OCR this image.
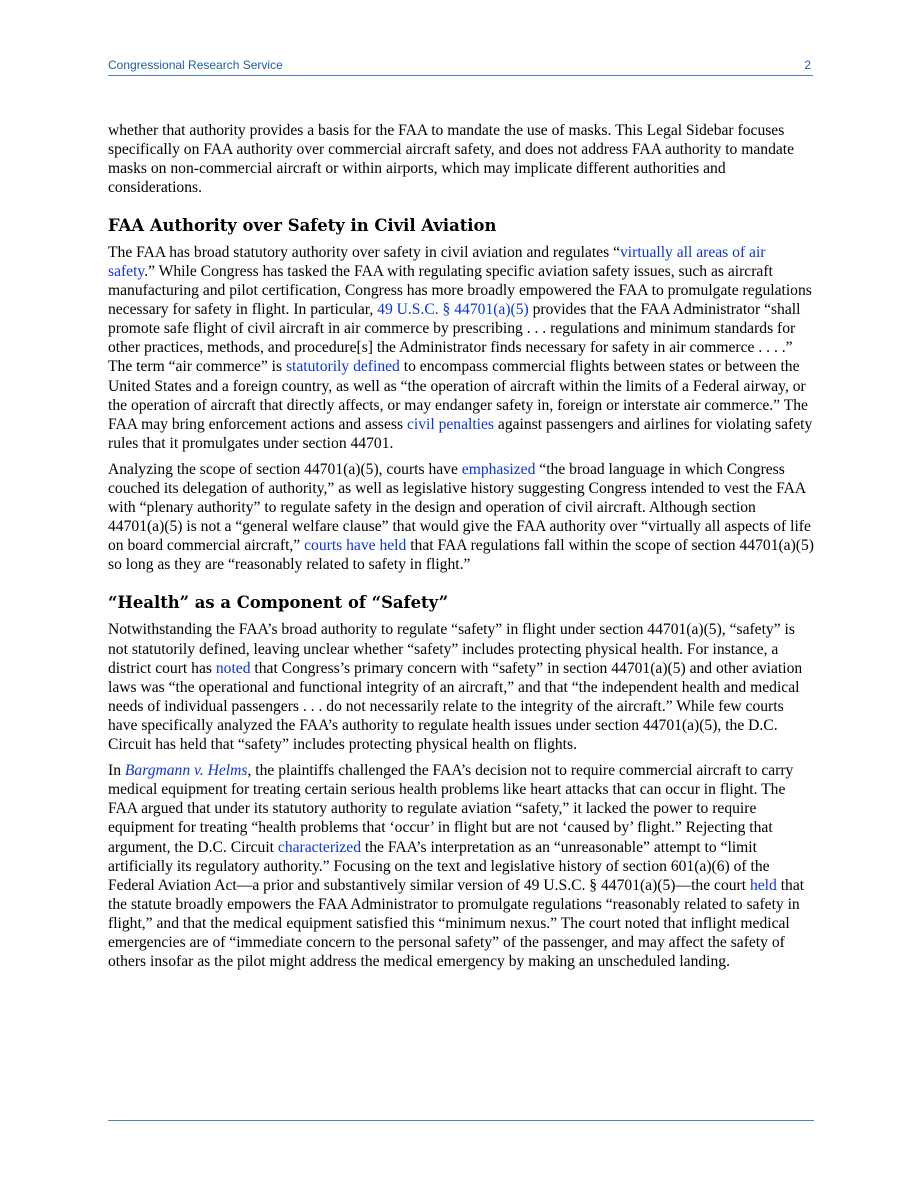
Congressional Research Service	2

whether that authority provides a basis for the FAA to mandate the use of masks. This Legal Sidebar focuses specifically on FAA authority over commercial aircraft safety, and does not address FAA authority to mandate masks on non-commercial aircraft or within airports, which may implicate different authorities and considerations.

FAA Authority over Safety in Civil Aviation

The FAA has broad statutory authority over safety in civil aviation and regulates “virtually all areas of air safety.” While Congress has tasked the FAA with regulating specific aviation safety issues, such as aircraft manufacturing and pilot certification, Congress has more broadly empowered the FAA to promulgate regulations necessary for safety in flight. In particular, 49 U.S.C. § 44701(a)(5) provides that the FAA Administrator “shall promote safe flight of civil aircraft in air commerce by prescribing . . . regulations and minimum standards for other practices, methods, and procedure[s] the Administrator finds necessary for safety in air commerce . . . .” The term “air commerce” is statutorily defined to encompass commercial flights between states or between the United States and a foreign country, as well as “the operation of aircraft within the limits of a Federal airway, or the operation of aircraft that directly affects, or may endanger safety in, foreign or interstate air commerce.” The FAA may bring enforcement actions and assess civil penalties against passengers and airlines for violating safety rules that it promulgates under section 44701.

Analyzing the scope of section 44701(a)(5), courts have emphasized “the broad language in which Congress couched its delegation of authority,” as well as legislative history suggesting Congress intended to vest the FAA with “plenary authority” to regulate safety in the design and operation of civil aircraft. Although section 44701(a)(5) is not a “general welfare clause” that would give the FAA authority over “virtually all aspects of life on board commercial aircraft,” courts have held that FAA regulations fall within the scope of section 44701(a)(5) so long as they are “reasonably related to safety in flight.”

“Health” as a Component of “Safety”

Notwithstanding the FAA’s broad authority to regulate “safety” in flight under section 44701(a)(5), “safety” is not statutorily defined, leaving unclear whether “safety” includes protecting physical health. For instance, a district court has noted that Congress’s primary concern with “safety” in section 44701(a)(5) and other aviation laws was “the operational and functional integrity of an aircraft,” and that “the independent health and medical needs of individual passengers . . . do not necessarily relate to the integrity of the aircraft.” While few courts have specifically analyzed the FAA’s authority to regulate health issues under section 44701(a)(5), the D.C. Circuit has held that “safety” includes protecting physical health on flights.

In Bargmann v. Helms, the plaintiffs challenged the FAA’s decision not to require commercial aircraft to carry medical equipment for treating certain serious health problems like heart attacks that can occur in flight. The FAA argued that under its statutory authority to regulate aviation “safety,” it lacked the power to require equipment for treating “health problems that ‘occur’ in flight but are not ‘caused by’ flight.” Rejecting that argument, the D.C. Circuit characterized the FAA’s interpretation as an “unreasonable” attempt to “limit artificially its regulatory authority.” Focusing on the text and legislative history of section 601(a)(6) of the Federal Aviation Act—a prior and substantively similar version of 49 U.S.C. § 44701(a)(5)—the court held that the statute broadly empowers the FAA Administrator to promulgate regulations “reasonably related to safety in flight,” and that the medical equipment satisfied this “minimum nexus.” The court noted that inflight medical emergencies are of “immediate concern to the personal safety” of the passenger, and may affect the safety of others insofar as the pilot might address the medical emergency by making an unscheduled landing.
